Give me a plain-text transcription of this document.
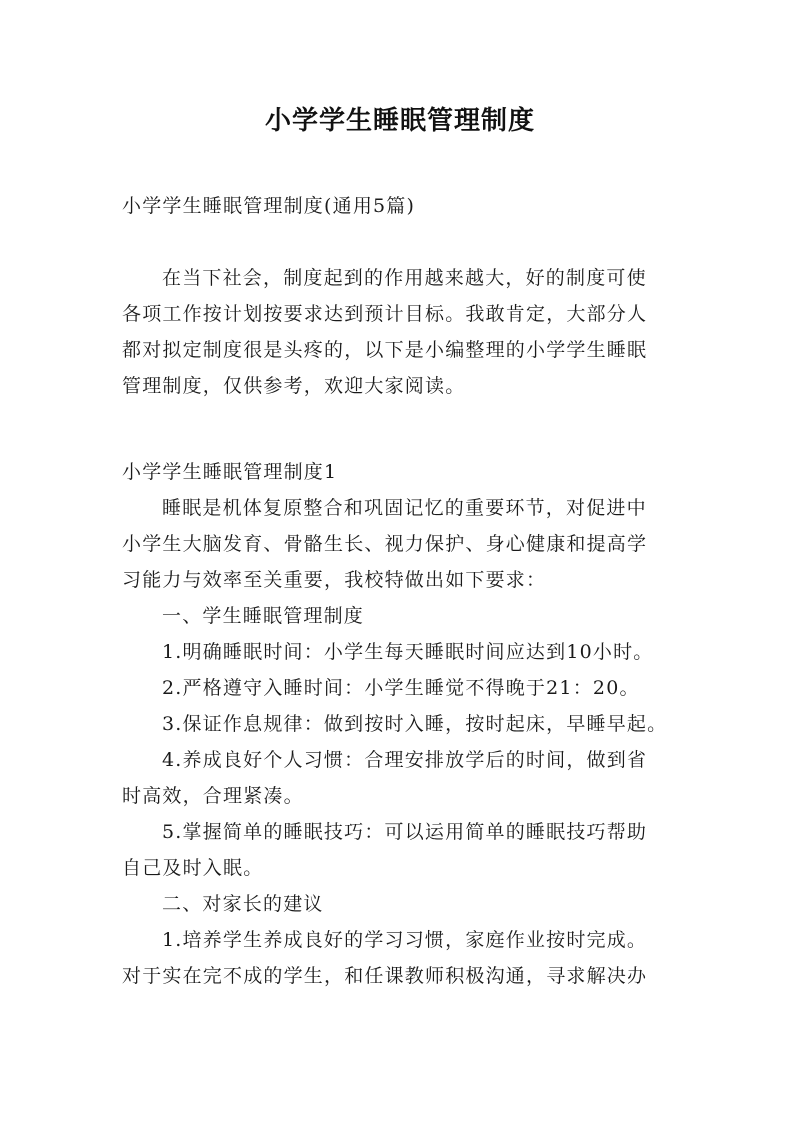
小学学生睡眠管理制度

小学学生睡眠管理制度(通用5篇)

在当下社会，制度起到的作用越来越大，好的制度可使
各项工作按计划按要求达到预计目标。我敢肯定，大部分人
都对拟定制度很是头疼的，以下是小编整理的小学学生睡眠
管理制度，仅供参考，欢迎大家阅读。
小学学生睡眠管理制度1
睡眠是机体复原整合和巩固记忆的重要环节，对促进中
小学生大脑发育、骨骼生长、视力保护、身心健康和提高学
习能力与效率至关重要，我校特做出如下要求：
一、学生睡眠管理制度
1.明确睡眠时间：小学生每天睡眠时间应达到10小时。
2.严格遵守入睡时间：小学生睡觉不得晚于21：20。
3.保证作息规律：做到按时入睡，按时起床，早睡早起。
4.养成良好个人习惯：合理安排放学后的时间，做到省
时高效，合理紧凑。
5.掌握简单的睡眠技巧：可以运用简单的睡眠技巧帮助
自己及时入眠。
二、对家长的建议
1.培养学生养成良好的学习习惯，家庭作业按时完成。
对于实在完不成的学生，和任课教师积极沟通，寻求解决办
